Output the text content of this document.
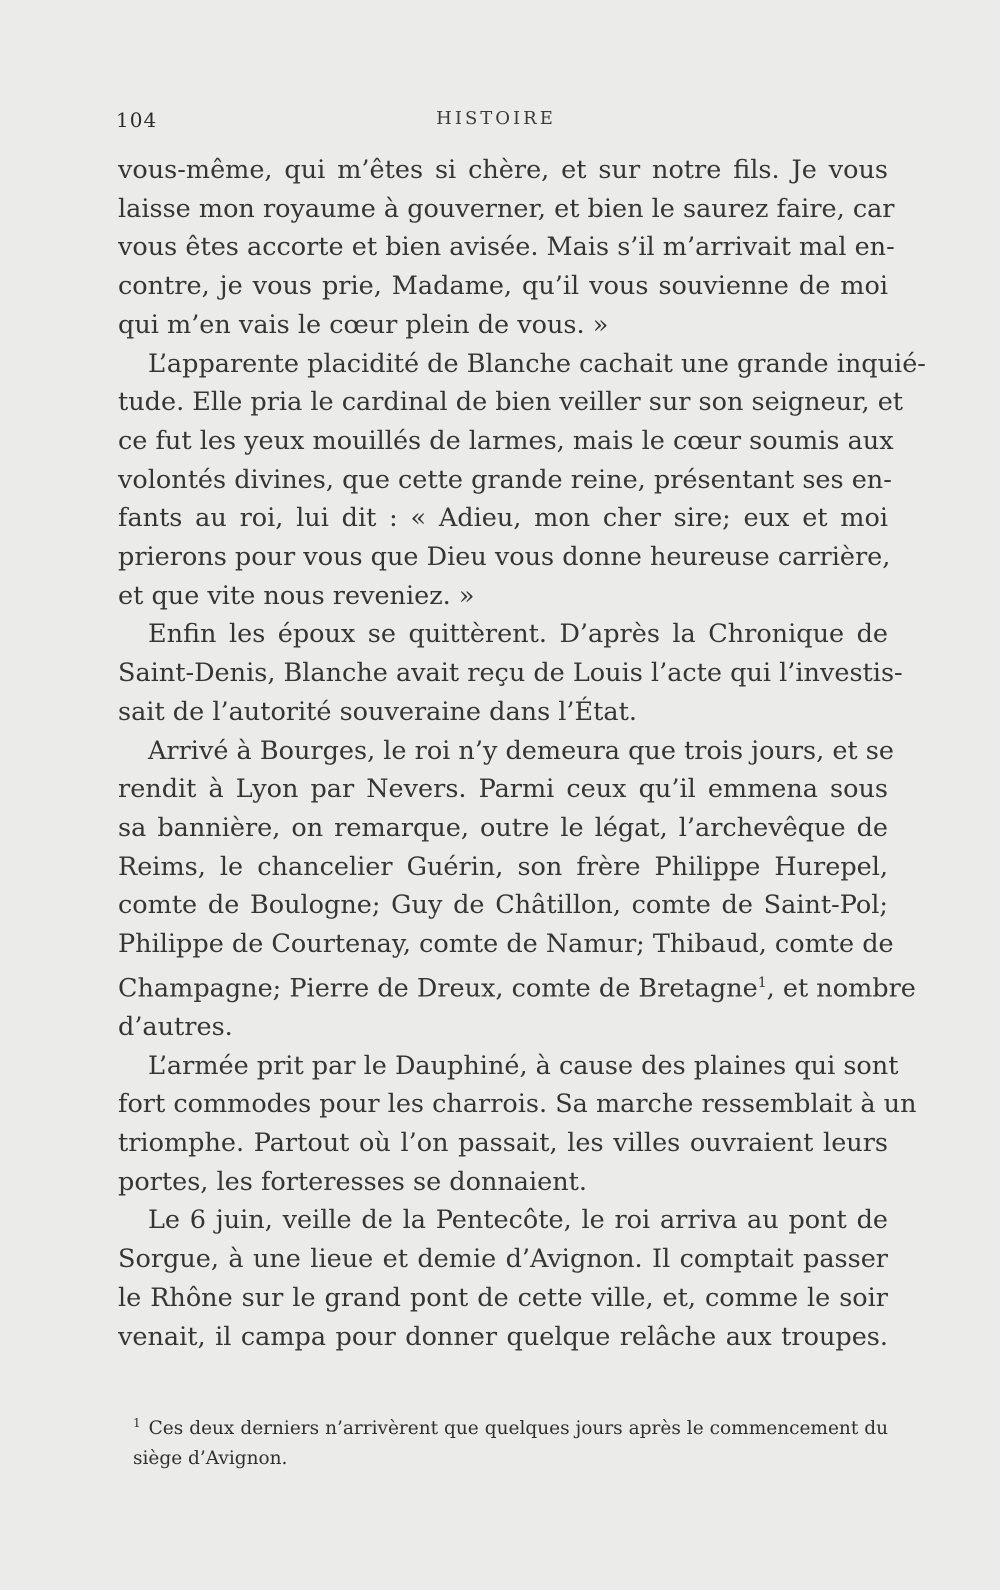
104	HISTOIRE

vous-même, qui m’êtes si chère, et sur notre fils. Je vous
laisse mon royaume à gouverner, et bien le saurez faire, car
vous êtes accorte et bien avisée. Mais s’il m’arrivait mal en-
contre, je vous prie, Madame, qu’il vous souvienne de moi
qui m’en vais le cœur plein de vous. »

L’apparente placidité de Blanche cachait une grande inquié-
tude. Elle pria le cardinal de bien veiller sur son seigneur, et
ce fut les yeux mouillés de larmes, mais le cœur soumis aux
volontés divines, que cette grande reine, présentant ses en-
fants au roi, lui dit : « Adieu, mon cher sire; eux et moi
prierons pour vous que Dieu vous donne heureuse carrière,
et que vite nous reveniez. »

Enfin les époux se quittèrent. D’après la Chronique de
Saint-Denis, Blanche avait reçu de Louis l’acte qui l’investis-
sait de l’autorité souveraine dans l’État.

Arrivé à Bourges, le roi n’y demeura que trois jours, et se
rendit à Lyon par Nevers. Parmi ceux qu’il emmena sous
sa bannière, on remarque, outre le légat, l’archevêque de
Reims, le chancelier Guérin, son frère Philippe Hurepel,
comte de Boulogne; Guy de Châtillon, comte de Saint-Pol;
Philippe de Courtenay, comte de Namur; Thibaud, comte de
Champagne; Pierre de Dreux, comte de Bretagne$^1$, et nombre
d’autres.

L’armée prit par le Dauphiné, à cause des plaines qui sont
fort commodes pour les charrois. Sa marche ressemblait à un
triomphe. Partout où l’on passait, les villes ouvraient leurs
portes, les forteresses se donnaient.

Le 6 juin, veille de la Pentecôte, le roi arriva au pont de
Sorgue, à une lieue et demie d’Avignon. Il comptait passer
le Rhône sur le grand pont de cette ville, et, comme le soir
venait, il campa pour donner quelque relâche aux troupes.

$^1$ Ces deux derniers n’arrivèrent que quelques jours après le commencement du
siège d’Avignon.
